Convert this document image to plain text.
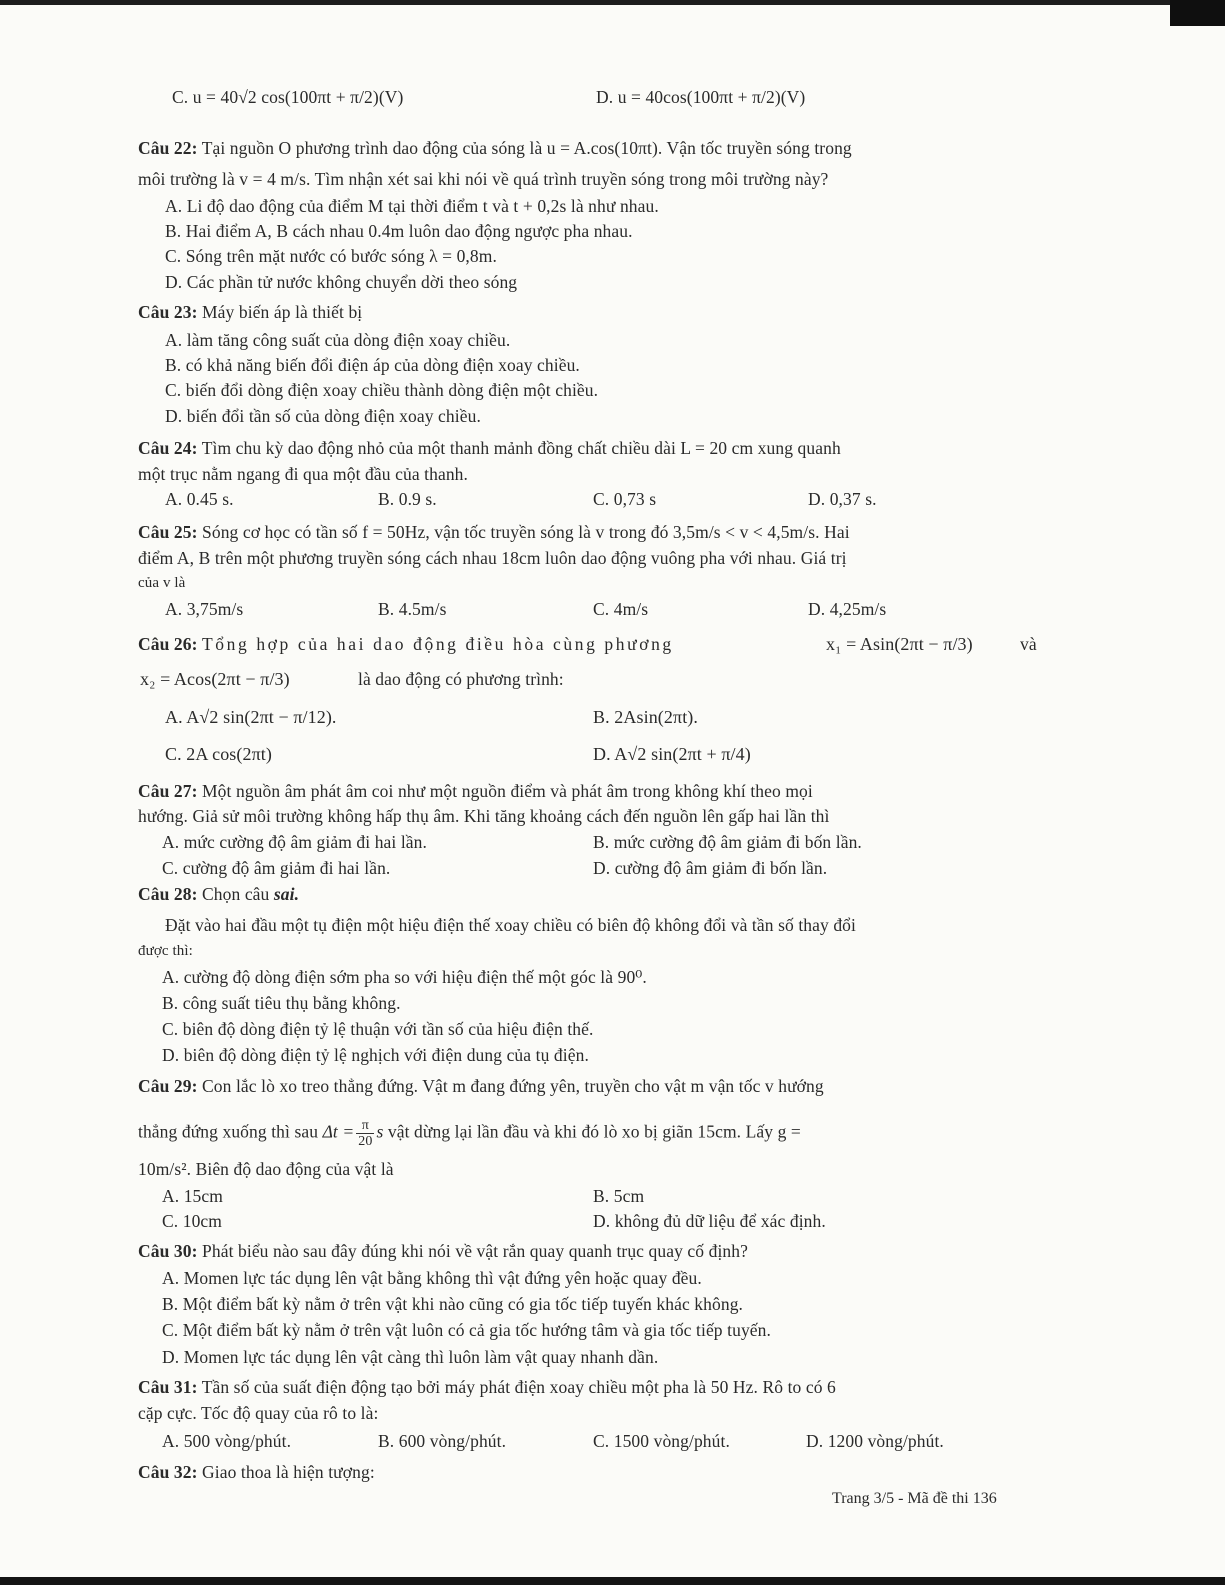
C. u = 40√2 cos(100πt + π/2)(V)	D. u = 40cos(100πt + π/2)(V)
Câu 22: Tại nguồn O phương trình dao động của sóng là u = A.cos(10πt). Vận tốc truyền sóng trong
môi trường là v = 4 m/s. Tìm nhận xét sai khi nói về quá trình truyền sóng trong môi trường này?
A. Li độ dao động của điểm M tại thời điểm t và t + 0,2s là như nhau.
B. Hai điểm A, B cách nhau 0.4m luôn dao động ngược pha nhau.
C. Sóng trên mặt nước có bước sóng λ = 0,8m.
D. Các phần tử nước không chuyển dời theo sóng
Câu 23: Máy biến áp là thiết bị
A. làm tăng công suất của dòng điện xoay chiều.
B. có khả năng biến đổi điện áp của dòng điện xoay chiều.
C. biến đổi dòng điện xoay chiều thành dòng điện một chiều.
D. biến đổi tần số của dòng điện xoay chiều.
Câu 24: Tìm chu kỳ dao động nhỏ của một thanh mảnh đồng chất chiều dài L = 20 cm xung quanh
một trục nằm ngang đi qua một đầu của thanh.
A. 0.45 s.	B. 0.9 s.	C. 0,73 s	D. 0,37 s.
Câu 25: Sóng cơ học có tần số f = 50Hz, vận tốc truyền sóng là v trong đó 3,5m/s < v < 4,5m/s. Hai
điểm A, B trên một phương truyền sóng cách nhau 18cm luôn dao động vuông pha với nhau. Giá trị
của v là
A. 3,75m/s	B. 4.5m/s	C. 4m/s	D. 4,25m/s
Câu 26: Tổng hợp của hai dao động điều hòa cùng phương	x₁ = Asin(2πt − π/3)	và
x₂ = Acos(2πt − π/3)	là dao động có phương trình:
A. A√2 sin(2πt − π/12).	B. 2Asin(2πt).
C. 2A cos(2πt)	D. A√2 sin(2πt + π/4)
Câu 27: Một nguồn âm phát âm coi như một nguồn điểm và phát âm trong không khí theo mọi
hướng. Giả sử môi trường không hấp thụ âm. Khi tăng khoảng cách đến nguồn lên gấp hai lần thì
A. mức cường độ âm giảm đi hai lần.	B. mức cường độ âm giảm đi bốn lần.
C. cường độ âm giảm đi hai lần.	D. cường độ âm giảm đi bốn lần.
Câu 28: Chọn câu sai.
Đặt vào hai đầu một tụ điện một hiệu điện thế xoay chiều có biên độ không đổi và tần số thay đổi
được thì:
A. cường độ dòng điện sớm pha so với hiệu điện thế một góc là 90⁰.
B. công suất tiêu thụ bằng không.
C. biên độ dòng điện tỷ lệ thuận với tần số của hiệu điện thế.
D. biên độ dòng điện tỷ lệ nghịch với điện dung của tụ điện.
Câu 29: Con lắc lò xo treo thẳng đứng. Vật m đang đứng yên, truyền cho vật m vận tốc v hướng
thẳng đứng xuống thì sau $\Delta t = \frac{\pi}{20}$ s vật dừng lại lần đầu và khi đó lò xo bị giãn 15cm. Lấy g =
10m/s². Biên độ dao động của vật là
A. 15cm	B. 5cm
C. 10cm	D. không đủ dữ liệu để xác định.
Câu 30: Phát biểu nào sau đây đúng khi nói về vật rắn quay quanh trục quay cố định?
A. Momen lực tác dụng lên vật bằng không thì vật đứng yên hoặc quay đều.
B. Một điểm bất kỳ nằm ở trên vật khi nào cũng có gia tốc tiếp tuyến khác không.
C. Một điểm bất kỳ nằm ở trên vật luôn có cả gia tốc hướng tâm và gia tốc tiếp tuyến.
D. Momen lực tác dụng lên vật càng thì luôn làm vật quay nhanh dần.
Câu 31: Tần số của suất điện động tạo bởi máy phát điện xoay chiều một pha là 50 Hz. Rô to có 6
cặp cực. Tốc độ quay của rô to là:
A. 500 vòng/phút.	B. 600 vòng/phút.	C. 1500 vòng/phút.	D. 1200 vòng/phút.
Câu 32: Giao thoa là hiện tượng:
Trang 3/5 - Mã đề thi 136
